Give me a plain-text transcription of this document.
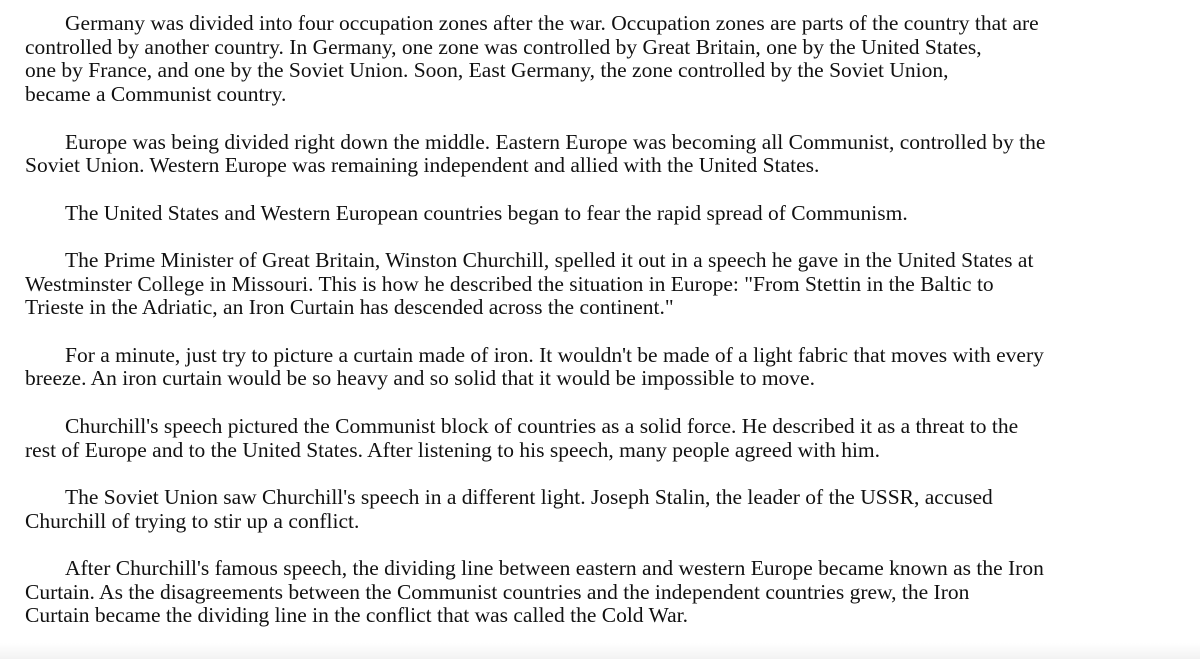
Germany was divided into four occupation zones after the war. Occupation zones are parts of the country that are
controlled by another country. In Germany, one zone was controlled by Great Britain, one by the United States,
one by France, and one by the Soviet Union. Soon, East Germany, the zone controlled by the Soviet Union,
became a Communist country.

Europe was being divided right down the middle. Eastern Europe was becoming all Communist, controlled by the
Soviet Union. Western Europe was remaining independent and allied with the United States.

The United States and Western European countries began to fear the rapid spread of Communism.

The Prime Minister of Great Britain, Winston Churchill, spelled it out in a speech he gave in the United States at
Westminster College in Missouri. This is how he described the situation in Europe: "From Stettin in the Baltic to
Trieste in the Adriatic, an Iron Curtain has descended across the continent."

For a minute, just try to picture a curtain made of iron. It wouldn't be made of a light fabric that moves with every
breeze. An iron curtain would be so heavy and so solid that it would be impossible to move.

Churchill's speech pictured the Communist block of countries as a solid force. He described it as a threat to the
rest of Europe and to the United States. After listening to his speech, many people agreed with him.

The Soviet Union saw Churchill's speech in a different light. Joseph Stalin, the leader of the USSR, accused
Churchill of trying to stir up a conflict.

After Churchill's famous speech, the dividing line between eastern and western Europe became known as the Iron
Curtain. As the disagreements between the Communist countries and the independent countries grew, the Iron
Curtain became the dividing line in the conflict that was called the Cold War.
